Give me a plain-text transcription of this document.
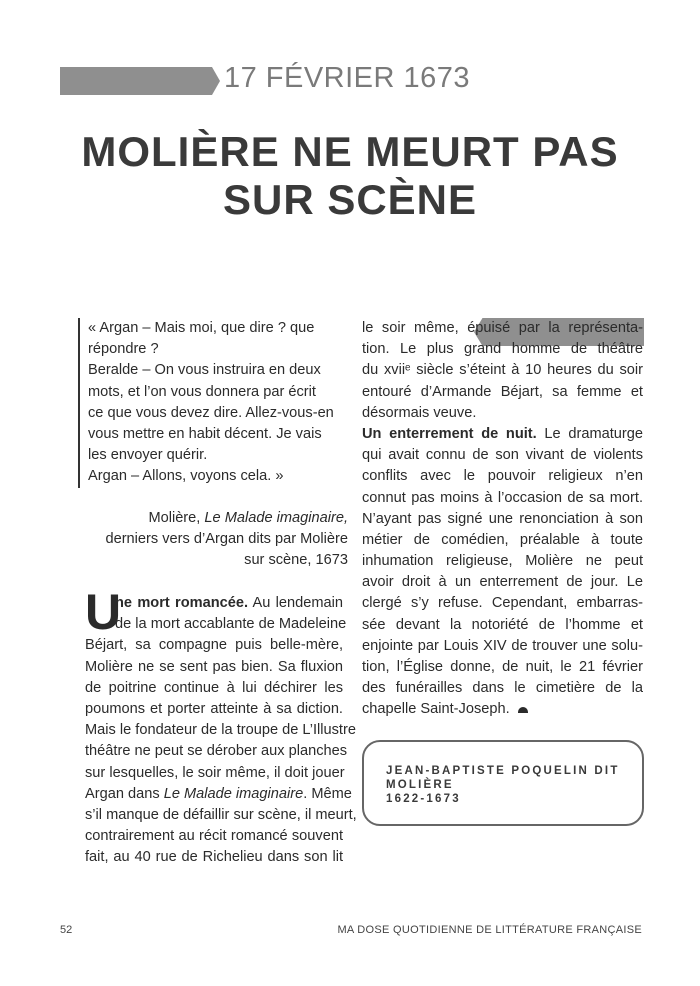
17 FÉVRIER 1673
MOLIÈRE NE MEURT PAS
SUR SCÈNE
« Argan – Mais moi, que dire ? que
répondre ?
Beralde – On vous instruira en deux
mots, et l’on vous donnera par écrit
ce que vous devez dire. Allez-vous-en
vous mettre en habit décent. Je vais
les envoyer quérir.
Argan – Allons, voyons cela. »
Molière, Le Malade imaginaire,
derniers vers d’Argan dits par Molière
sur scène, 1673
U
ne mort romancée. Au lendemain
de la mort accablante de Madeleine
Béjart, sa compagne puis belle-mère,
Molière ne se sent pas bien. Sa fluxion
de poitrine continue à lui déchirer les
poumons et porter atteinte à sa diction.
Mais le fondateur de la troupe de L’Illustre
théâtre ne peut se dérober aux planches
sur lesquelles, le soir même, il doit jouer
Argan dans Le Malade imaginaire. Même
s’il manque de défaillir sur scène, il meurt,
contrairement au récit romancé souvent
fait, au 40 rue de Richelieu dans son lit
le soir même, épuisé par la représenta-
tion. Le plus grand homme de théâtre
du xviiᵉ siècle s’éteint à 10 heures du soir
entouré d’Armande Béjart, sa femme et
désormais veuve.
Un enterrement de nuit. Le dramaturge
qui avait connu de son vivant de violents
conflits avec le pouvoir religieux n’en
connut pas moins à l’occasion de sa mort.
N’ayant pas signé une renonciation à son
métier de comédien, préalable à toute
inhumation religieuse, Molière ne peut
avoir droit à un enterrement de jour. Le
clergé s’y refuse. Cependant, embarras-
sée devant la notoriété de l’homme et
enjointe par Louis XIV de trouver une solu-
tion, l’Église donne, de nuit, le 21 février
des funérailles dans le cimetière de la
chapelle Saint-Joseph.
JEAN-BAPTISTE POQUELIN DIT
MOLIÈRE
1622-1673
52	MA DOSE QUOTIDIENNE DE LITTÉRATURE FRANÇAISE
